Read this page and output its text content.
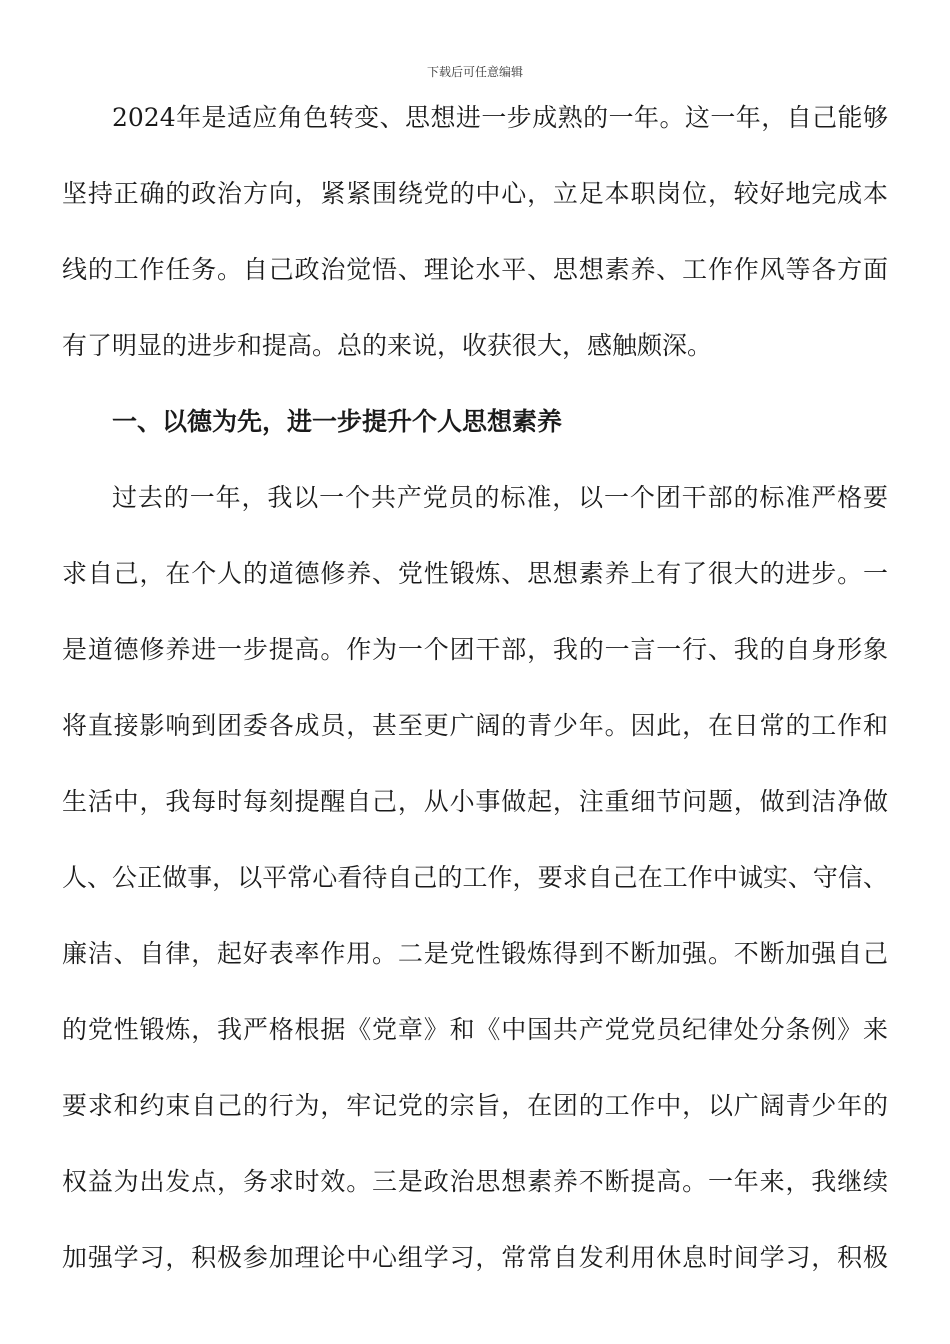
下载后可任意编辑
2024年是适应角色转变、思想进一步成熟的一年。这一年，自己能够
坚持正确的政治方向，紧紧围绕党的中心，立足本职岗位，较好地完成本
线的工作任务。自己政治觉悟、理论水平、思想素养、工作作风等各方面
有了明显的进步和提高。总的来说，收获很大，感触颇深。
一、以德为先，进一步提升个人思想素养
过去的一年，我以一个共产党员的标准，以一个团干部的标准严格要
求自己，在个人的道德修养、党性锻炼、思想素养上有了很大的进步。一
是道德修养进一步提高。作为一个团干部，我的一言一行、我的自身形象
将直接影响到团委各成员，甚至更广阔的青少年。因此，在日常的工作和
生活中，我每时每刻提醒自己，从小事做起，注重细节问题，做到洁净做
人、公正做事，以平常心看待自己的工作，要求自己在工作中诚实、守信、
廉洁、自律，起好表率作用。二是党性锻炼得到不断加强。不断加强自己
的党性锻炼，我严格根据《党章》和《中国共产党党员纪律处分条例》来
要求和约束自己的行为，牢记党的宗旨，在团的工作中，以广阔青少年的
权益为出发点，务求时效。三是政治思想素养不断提高。一年来，我继续
加强学习，积极参加理论中心组学习，常常自发利用休息时间学习，积极
